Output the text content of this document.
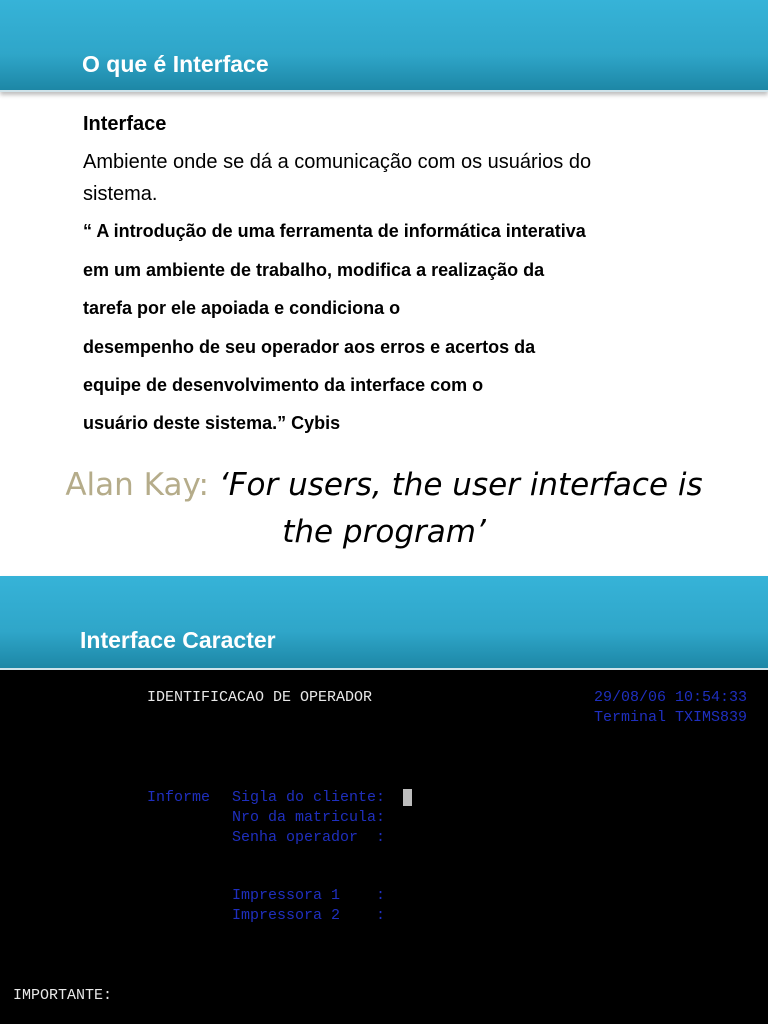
O que é Interface
Interface
Ambiente onde se dá a comunicação com os usuários do sistema.
“ A introdução de uma ferramenta de informática interativa
em um ambiente de trabalho, modifica a realização da
tarefa por ele apoiada e condiciona o
desempenho de seu operador aos erros e acertos da
equipe de desenvolvimento da interface com o
usuário deste sistema.” Cybis
Alan Kay: ‘For users, the user interface is
the program’
Interface Caracter
IDENTIFICACAO DE OPERADOR	29/08/06 10:54:33
Terminal TXIMS839
Informe Sigla do cliente:
Nro da matricula:
Senha operador  :
Impressora 1    :
Impressora 2    :
IMPORTANTE:
